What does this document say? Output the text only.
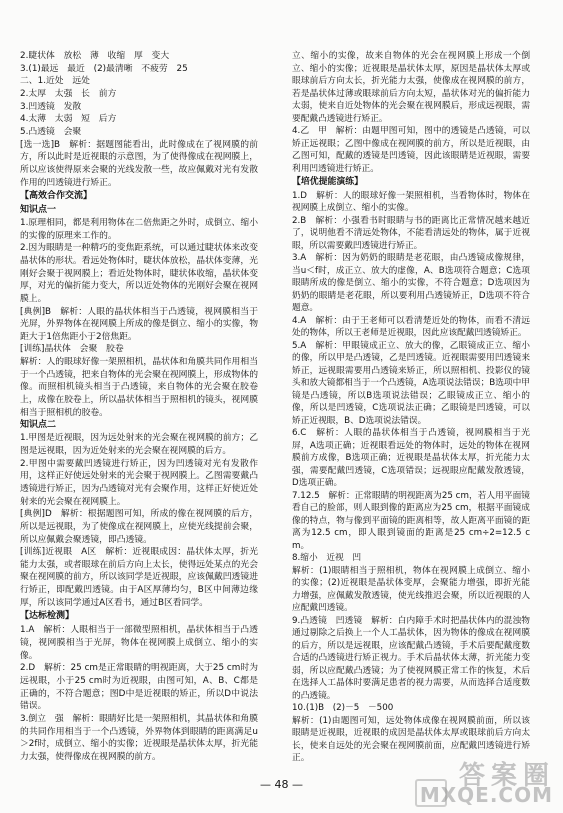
2.睫状体　放松　薄　收缩　厚　变大

3.(1)最远　最近　(2)最清晰　不疲劳　25

二、1.近处　远处

2.太厚　太强　长　前方

3.凹透镜　发散

4.太薄　太弱　短　后方

5.凸透镜　会聚

[选一选]B　解析：据题图能看出，此时像成在了视网膜的前方，所以此时是近视眼的示意图，为了使得像成在视网膜上，所以应该使得原来会聚的光线发散一些，故应佩戴对光有发散作用的凹透镜进行矫正。

【高效合作交流】

知识点一

1.原理相同，都是利用物体在二倍焦距之外时，成倒立、缩小的实像的原理来工作的。

2.因为眼睛是一种精巧的变焦距系统，可以通过睫状体来改变晶状体的形状。看远处物体时，睫状体放松，晶状体变薄，光刚好会聚于视网膜上；看近处物体时，睫状体收缩，晶状体变厚，对光的偏折能力变大，所以近处物体的光刚好会聚在视网膜上。

[典例]B　解析：人眼的晶状体相当于凸透镜，视网膜相当于光屏，外界物体在视网膜上所成的像是倒立、缩小的实像，物距大于1倍焦距小于2倍焦距。

[训练]晶状体　会聚　胶卷

解析：人的眼球好像一架照相机，晶状体和角膜共同作用相当于一个凸透镜，把来自物体的光会聚在视网膜上，形成物体的像。而照相机镜头相当于凸透镜，来自物体的光会聚在胶卷上，成像在胶卷上，所以晶状体相当于照相机的镜头，视网膜相当于照相机的胶卷。

知识点二

1.甲图是近视眼，因为远处射来的光会聚在视网膜的前方；乙图是远视眼，因为近处射来的光会聚在视网膜的后方。

2.甲图中需要戴凹透镜进行矫正，因为凹透镜对光有发散作用，这样正好使远处射来的光会聚于视网膜上。乙图需要戴凸透镜进行矫正，因为凸透镜对光有会聚作用，这样正好使近处射来的光会聚在视网膜上。

[典例]D　解析：根据题图可知，所成的像在视网膜的后方，所以是远视眼，为了使像成在视网膜上，应使光线提前会聚，所以应佩戴会聚透镜，即凸透镜。

[训练]近视眼　A区　解析：近视眼成因：晶状体太厚，折光能力太强，或者眼球在前后方向上太长，使得远处某点的光会聚在视网膜的前方，所以该同学是近视眼，应该佩戴凹透镜进行矫正，即配戴凹透镜。由于A区厚薄均匀，B区中间薄边缘厚，所以该同学通过A区看书，通过B区看同学。

【达标检测】

1.A　解析：人眼相当于一部微型照相机，晶状体相当于凸透镜，视网膜相当于光屏，物体在视网膜上成倒立、缩小的实像。

2.D　解析：25 cm是正常眼睛的明视距离，大于25 cm时为远视眼，小于25 cm时为近视眼，由图可知，A、B、C都是正确的，不符合题意；图D中是近视眼的矫正，所以D中说法错误。

3.倒立　强　解析：眼睛好比是一架照相机，其晶状体和角膜的共同作用相当于一个凸透镜，外界物体到眼睛的距离满足u＞2f时，成倒立、缩小的实像；近视眼是晶状体太厚，折光能力太强，使得像成在视网膜的前方。

立、缩小的实像，故来自物体的光会在视网膜上形成一个倒立、缩小的实像；近视眼是晶状体太厚，原因是晶状体太厚或眼球前后方向太长，折光能力太强，使像成在视网膜的前方，若是晶状体过薄或眼球前后方向太短，晶状体对光的偏折能力太弱，使来自近处物体的光会聚在视网膜后，形成远视眼，需要配戴凸透镜进行矫正。

4.乙　甲　解析：由题甲图可知，图中的透镜是凸透镜，可以矫正远视眼；乙图中像成在视网膜的前方，所以是近视眼，由乙图可知，配戴的透镜是凹透镜，因此该眼睛是近视眼，需要利用凹透镜进行矫正。

【培优提能演练】

1.D　解析：人的眼球好像一架照相机，当看物体时，物体在视网膜上成倒立、缩小的实像。

2.B　解析：小强看书时眼睛与书的距离比正常情况越来越近了，说明他看不清远处物体，不能看清远处的物体，属于近视眼，所以需要戴凹透镜进行矫正。

3.A　解析：因为奶奶的眼睛是老花眼，由凸透镜成像规律，当u＜f时，成正立、放大的虚像，A、B选项符合题意；C选项眼睛所成的像是倒立、缩小的实像，不符合题意；D选项因为奶奶的眼睛是老花眼，所以要利用凸透镜矫正，D选项不符合题意。

4.A　解析：由于王老师可以看清楚近处的物体，而看不清远处的物体，所以王老师是近视眼，因此应该配戴凹透镜矫正。

5.A　解析：甲眼镜成正立、放大的像，乙眼镜成正立、缩小的像，所以甲是凸透镜，乙是凹透镜。近视眼需要用凹透镜来矫正，远视眼需要用凸透镜来矫正，所以照相机、投影仪的镜头和放大镜都相当于一个凸透镜，A选项说法错误；B选项中甲镜是凸透镜，所以B选项说法错误；乙眼镜成正立、缩小的像，所以是凹透镜，C选项说法正确；乙眼镜是凹透镜，可以矫正近视眼，B、D选项说法错误。

6.C　解析：人眼的晶状体相当于凸透镜，视网膜相当于光屏，A选项正确；近视眼看远处的物体时，远处的物体在视网膜前方成像，B选项正确；近视眼是晶状体太厚，折光能力太强，需要配戴凹透镜，C选项错误；远视眼应配戴发散透镜，D选项正确。

7.12.5　解析：正常眼睛的明视距离为25 cm，若人用平面镜看自己的脸部，则人眼到像的距离应为25 cm，根据平面镜成像的特点，物与像到平面镜的距离相等，故人距离平面镜的距离为12.5 cm，即人眼到镜面的距离是25 cm÷2=12.5 cm。

8.缩小　近视　凹

解析：(1)眼睛相当于照相机，物体在视网膜上成倒立、缩小的实像；(2)近视眼是晶状体变厚，会聚能力增强，即折光能力增强，应佩戴发散透镜，使光线推迟会聚，所以近视眼的人应配戴凹透镜。

9.凸透镜　凹透镜　解析：白内障手术时把晶状体内的混浊物通过剔除之后换上一个人工晶状体，因为物体的像成在视网膜的后方，所以是远视眼，应该配戴凸透镜，手术后要配戴度数合适的凸透镜进行矫正视力。手术后晶状体太薄，折光能力变弱，所以应配戴凸透镜；为了使视网膜正常工作的恢复，术后在选择人工晶体时要满足患者的视力需要，从而选择合适度数的凸透镜。

10.(1)B　(2)－5　－500

解析：(1)由题图可知，远处物体成像在视网膜前面，所以该眼睛是近视眼，近视眼的成因是晶状体太厚或眼球前后方向太长，使来自远处的光会聚在视网膜前面，应配戴凹透镜进行矫正。

— 48 —	答案圈
MXQE.COM
